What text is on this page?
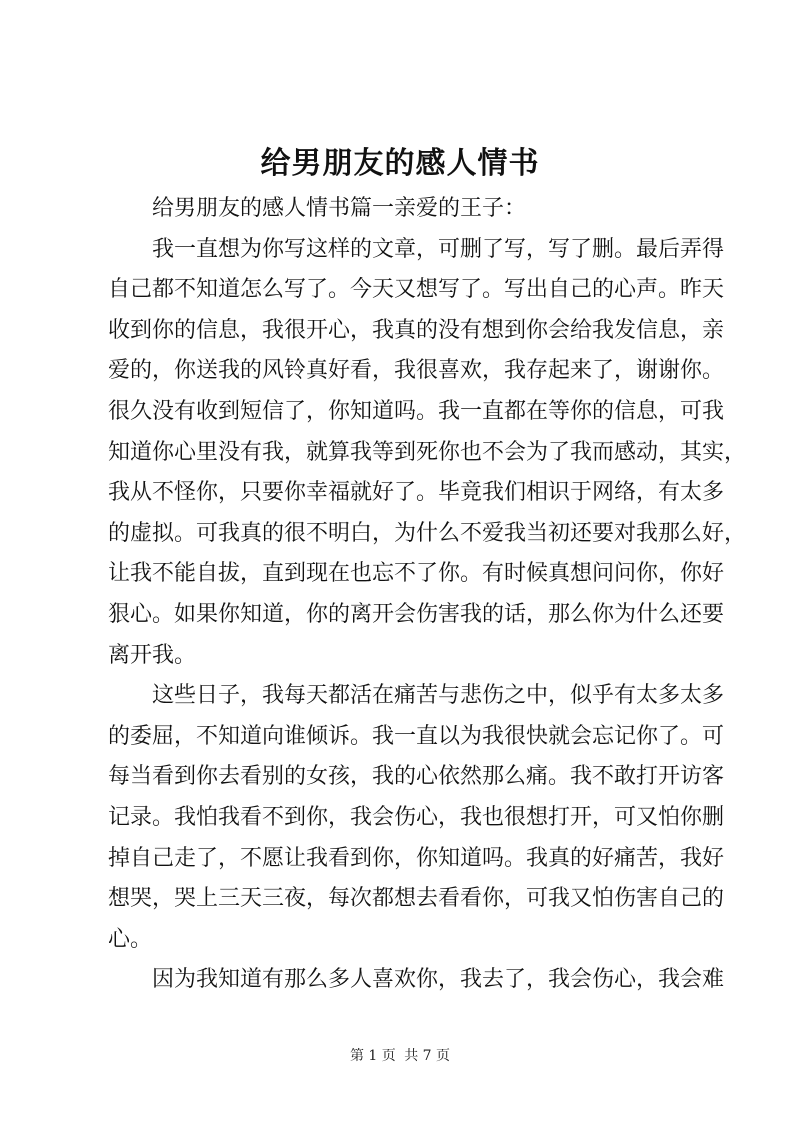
给男朋友的感人情书
给男朋友的感人情书篇一亲爱的王子：
我一直想为你写这样的文章，可删了写，写了删。最后弄得
自己都不知道怎么写了。今天又想写了。写出自己的心声。昨天
收到你的信息，我很开心，我真的没有想到你会给我发信息，亲
爱的，你送我的风铃真好看，我很喜欢，我存起来了，谢谢你。
很久没有收到短信了，你知道吗。我一直都在等你的信息，可我
知道你心里没有我，就算我等到死你也不会为了我而感动，其实，
我从不怪你，只要你幸福就好了。毕竟我们相识于网络，有太多
的虚拟。可我真的很不明白，为什么不爱我当初还要对我那么好，
让我不能自拔，直到现在也忘不了你。有时候真想问问你，你好
狠心。如果你知道，你的离开会伤害我的话，那么你为什么还要
离开我。
这些日子，我每天都活在痛苦与悲伤之中，似乎有太多太多
的委屈，不知道向谁倾诉。我一直以为我很快就会忘记你了。可
每当看到你去看别的女孩，我的心依然那么痛。我不敢打开访客
记录。我怕我看不到你，我会伤心，我也很想打开，可又怕你删
掉自己走了，不愿让我看到你，你知道吗。我真的好痛苦，我好
想哭，哭上三天三夜，每次都想去看看你，可我又怕伤害自己的
心。
因为我知道有那么多人喜欢你，我去了，我会伤心，我会难
第 1 页 共 7 页
